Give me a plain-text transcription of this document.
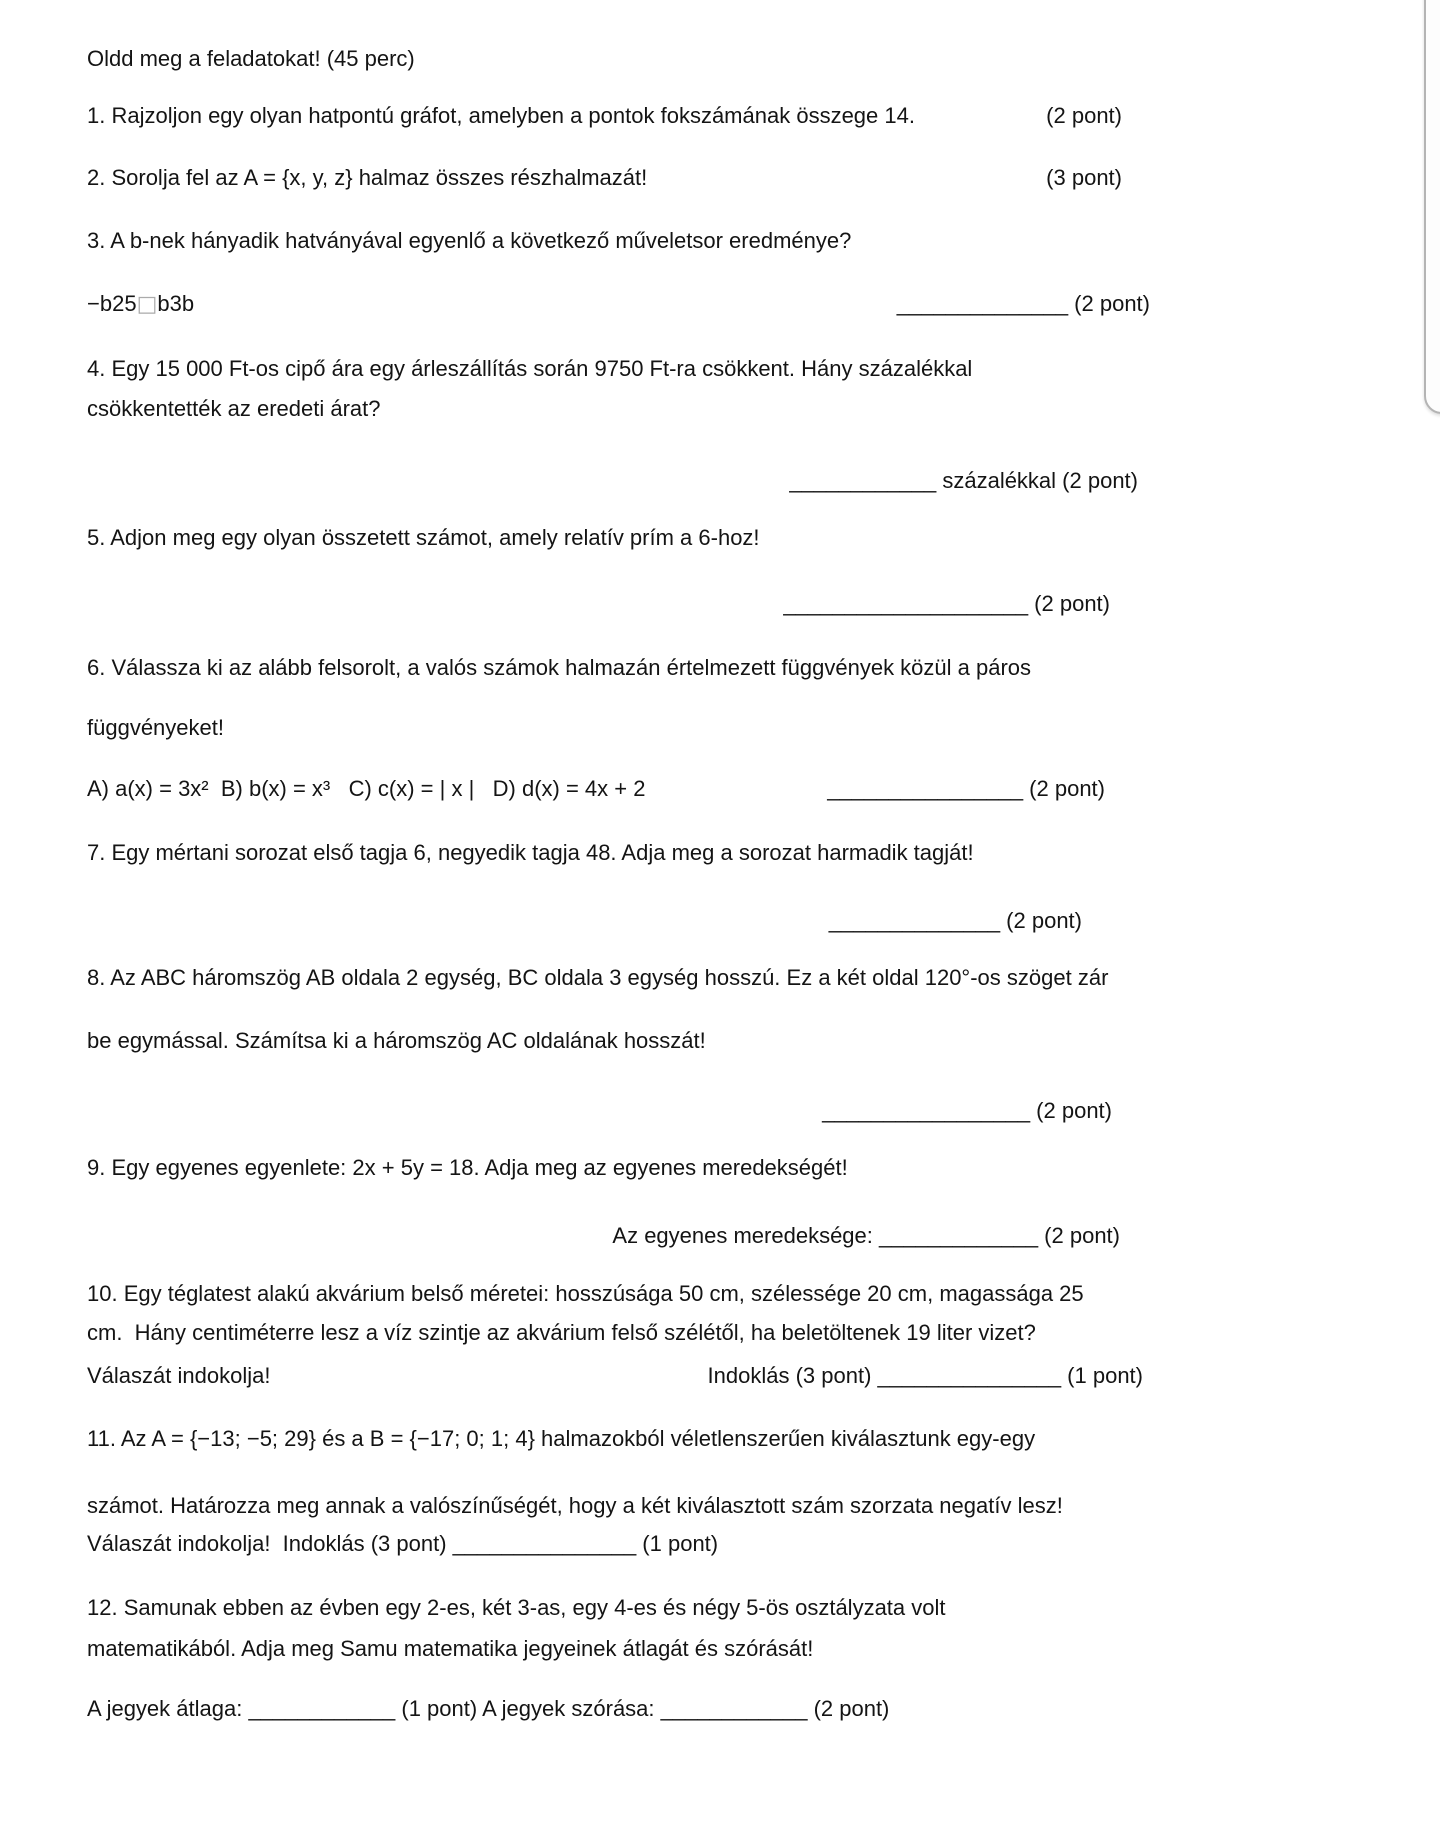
Oldd meg a feladatokat! (45 perc)
1. Rajzoljon egy olyan hatpontú gráfot, amelyben a pontok fokszámának összege 14.	(2 pont)
2. Sorolja fel az A = {x, y, z} halmaz összes részhalmazát!	(3 pont)
3. A b-nek hányadik hatványával egyenlő a következő műveletsor eredménye?
−b25□b3b	______________ (2 pont)
4. Egy 15 000 Ft-os cipő ára egy árleszállítás során 9750 Ft-ra csökkent. Hány százalékkal
csökkentették az eredeti árat?
____________ százalékkal (2 pont)
5. Adjon meg egy olyan összetett számot, amely relatív prím a 6-hoz!
____________________ (2 pont)
6. Válassza ki az alább felsorolt, a valós számok halmazán értelmezett függvények közül a páros
függvényeket!
A) a(x) = 3x²  B) b(x) = x³   C) c(x) = | x |   D) d(x) = 4x + 2	________________ (2 pont)
7. Egy mértani sorozat első tagja 6, negyedik tagja 48. Adja meg a sorozat harmadik tagját!
______________ (2 pont)
8. Az ABC háromszög AB oldala 2 egység, BC oldala 3 egység hosszú. Ez a két oldal 120°-os szöget zár
be egymással. Számítsa ki a háromszög AC oldalának hosszát!
_________________ (2 pont)
9. Egy egyenes egyenlete: 2x + 5y = 18. Adja meg az egyenes meredekségét!
Az egyenes meredeksége: _____________ (2 pont)
10. Egy téglatest alakú akvárium belső méretei: hosszúsága 50 cm, szélessége 20 cm, magassága 25
cm.  Hány centiméterre lesz a víz szintje az akvárium felső szélétől, ha beletöltenek 19 liter vizet?
Válaszát indokolja!	Indoklás (3 pont) _______________ (1 pont)
11. Az A = {−13; −5; 29} és a B = {−17; 0; 1; 4} halmazokból véletlenszerűen kiválasztunk egy-egy
számot. Határozza meg annak a valószínűségét, hogy a két kiválasztott szám szorzata negatív lesz!
Válaszát indokolja!  Indoklás (3 pont) _______________ (1 pont)
12. Samunak ebben az évben egy 2-es, két 3-as, egy 4-es és négy 5-ös osztályzata volt
matematikából. Adja meg Samu matematika jegyeinek átlagát és szórását!
A jegyek átlaga: ____________ (1 pont) A jegyek szórása: ____________ (2 pont)
